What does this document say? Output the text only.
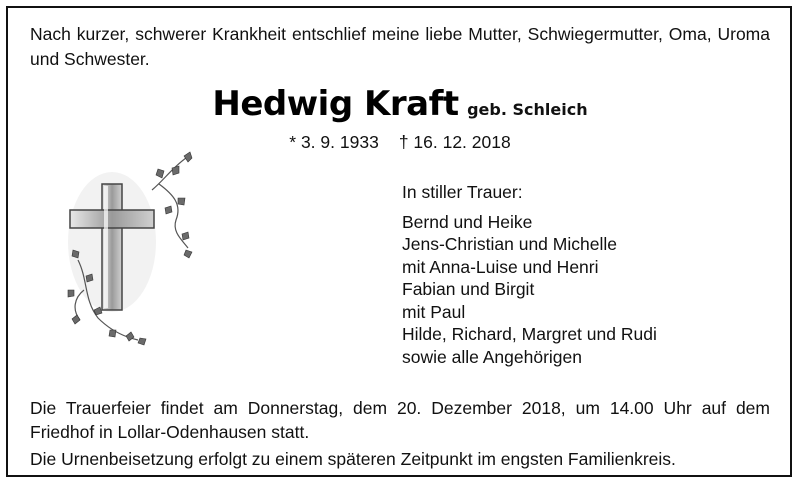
Nach kurzer, schwerer Krankheit entschlief meine liebe Mutter, Schwiegermutter, Oma, Uroma und Schwester.
Hedwig Kraft geb. Schleich
* 3. 9. 1933 † 16. 12. 2018
In stiller Trauer:
Bernd und Heike
Jens-Christian und Michelle
mit Anna-Luise und Henri
Fabian und Birgit
mit Paul
Hilde, Richard, Margret und Rudi
sowie alle Angehörigen
Die Trauerfeier findet am Donnerstag, dem 20. Dezember 2018, um 14.00 Uhr auf dem Friedhof in Lollar-Odenhausen statt.
Die Urnenbeisetzung erfolgt zu einem späteren Zeitpunkt im engsten Familienkreis.
